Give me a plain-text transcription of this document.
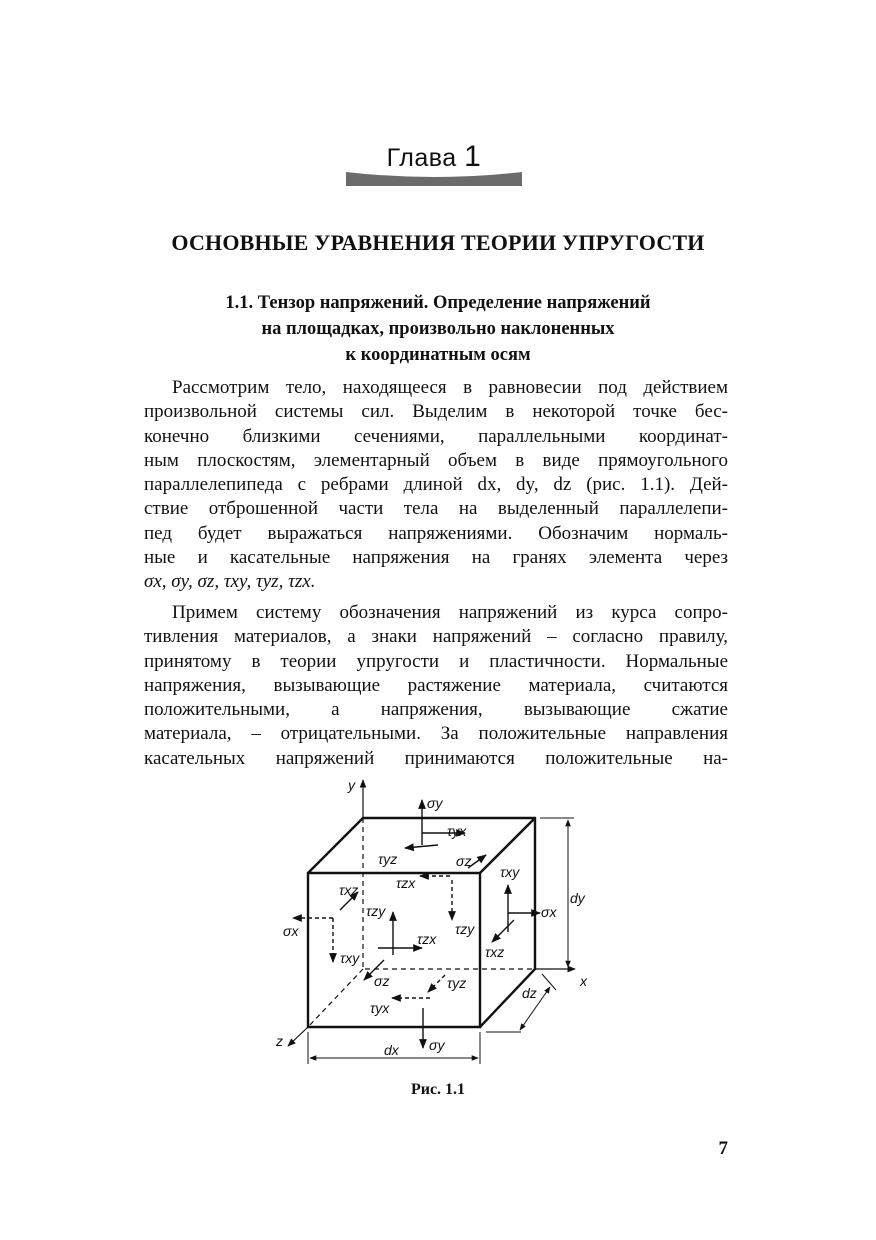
Глава 1
ОСНОВНЫЕ УРАВНЕНИЯ ТЕОРИИ УПРУГОСТИ
1.1. Тензор напряжений. Определение напряжений
на площадках, произвольно наклоненных
к координатным осям
Рассмотрим тело, находящееся в равновесии под действием
произвольной системы сил. Выделим в некоторой точке бес-
конечно близкими сечениями, параллельными координат-
ным плоскостям, элементарный объем в виде прямоугольного
параллелепипеда с ребрами длиной dx, dy, dz (рис. 1.1). Дей-
ствие отброшенной части тела на выделенный параллелепи-
пед будет выражаться напряжениями. Обозначим нормаль-
ные и касательные напряжения на гранях элемента через
σx, σy, σz, τxy, τyz, τzx.
Примем систему обозначения напряжений из курса сопро-
тивления материалов, а знаки напряжений – согласно правилу,
принятому в теории упругости и пластичности. Нормальные
напряжения, вызывающие растяжение материала, считаются
положительными, а напряжения, вызывающие сжатие
материала, – отрицательными. За положительные направления
касательных напряжений принимаются положительные на-
y
x
z
dx
dy
dz
σy
τyx
τyz	σz
τzx
τxy
σx
τzy
τxz
τxz
τzy
σx	τzx
τxy
σz	τyz
τyx
σy
Рис. 1.1
7
